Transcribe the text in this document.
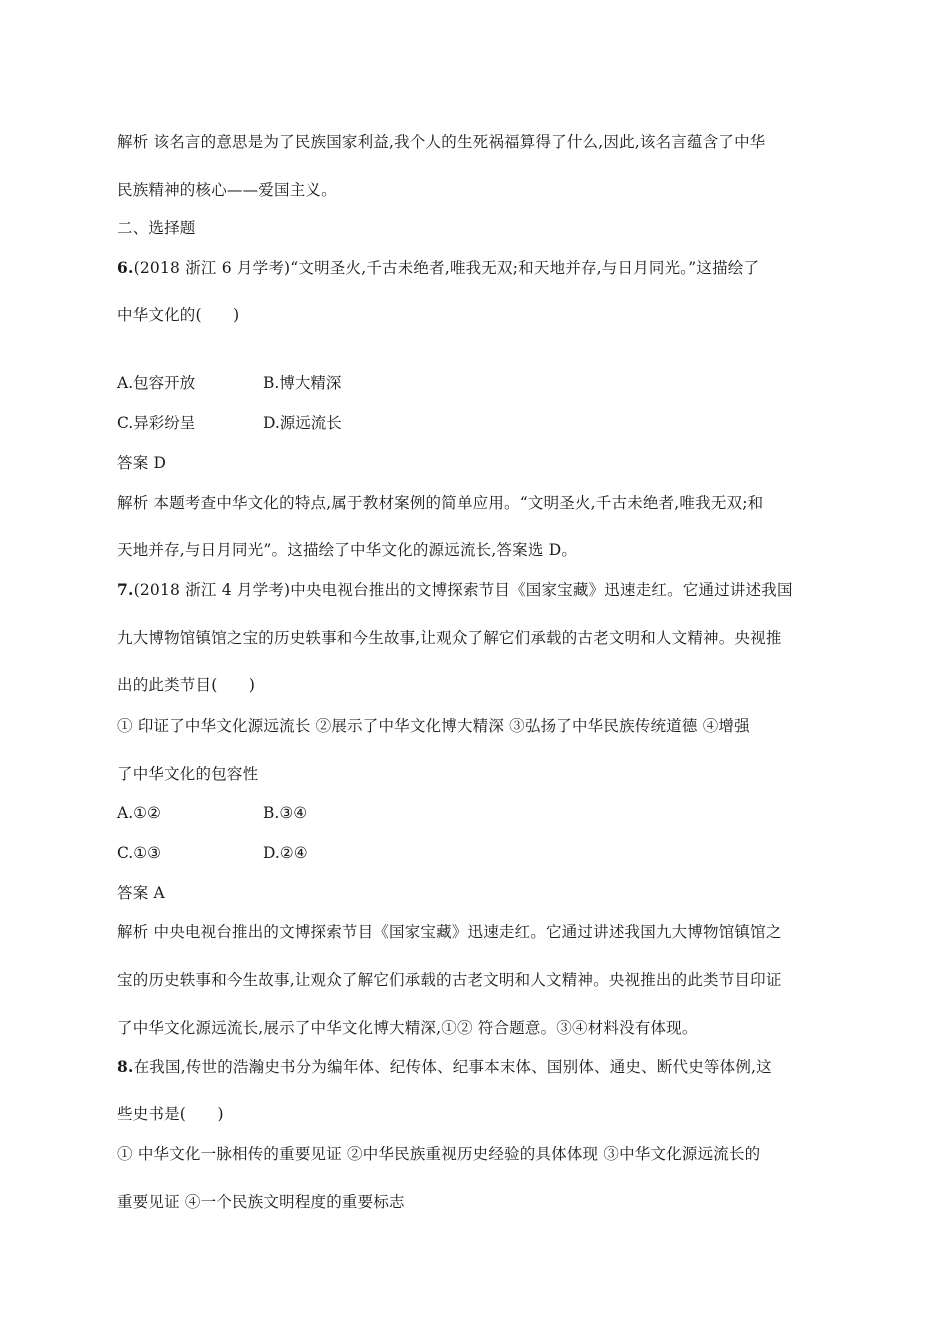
解析 该名言的意思是为了民族国家利益,我个人的生死祸福算得了什么,因此,该名言蕴含了中华
民族精神的核心——爱国主义。
二、选择题
6.(2018 浙江 6 月学考)“文明圣火,千古未绝者,唯我无双;和天地并存,与日月同光。”这描绘了
中华文化的(　　)
A.包容开放	B.博大精深
C.异彩纷呈	D.源远流长
答案 D
解析 本题考查中华文化的特点,属于教材案例的简单应用。“文明圣火,千古未绝者,唯我无双;和
天地并存,与日月同光”。这描绘了中华文化的源远流长,答案选 D。
7.(2018 浙江 4 月学考)中央电视台推出的文博探索节目《国家宝藏》迅速走红。它通过讲述我国
九大博物馆镇馆之宝的历史轶事和今生故事,让观众了解它们承载的古老文明和人文精神。央视推
出的此类节目(　　)
① 印证了中华文化源远流长 ②展示了中华文化博大精深 ③弘扬了中华民族传统道德 ④增强
了中华文化的包容性
A.①②	B.③④
C.①③	D.②④
答案 A
解析 中央电视台推出的文博探索节目《国家宝藏》迅速走红。它通过讲述我国九大博物馆镇馆之
宝的历史轶事和今生故事,让观众了解它们承载的古老文明和人文精神。央视推出的此类节目印证
了中华文化源远流长,展示了中华文化博大精深,①② 符合题意。③④材料没有体现。
8.在我国,传世的浩瀚史书分为编年体、纪传体、纪事本末体、国别体、通史、断代史等体例,这
些史书是(　　)
① 中华文化一脉相传的重要见证 ②中华民族重视历史经验的具体体现 ③中华文化源远流长的
重要见证 ④一个民族文明程度的重要标志
